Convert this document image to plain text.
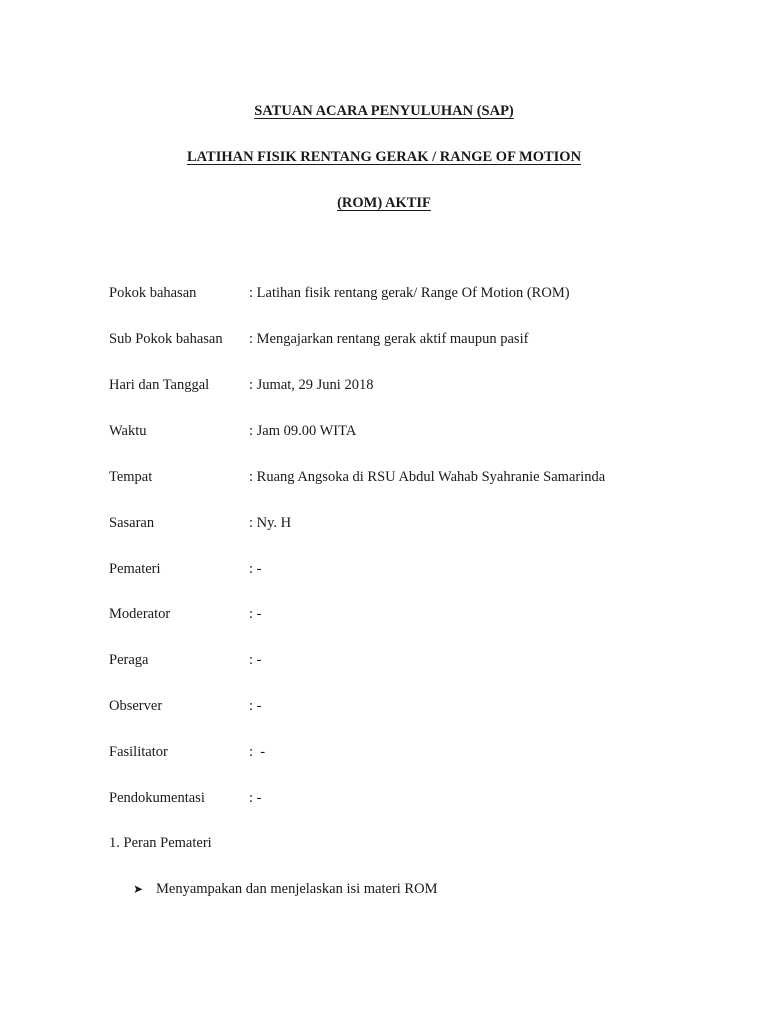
SATUAN ACARA PENYULUHAN (SAP)
LATIHAN FISIK RENTANG GERAK / RANGE OF MOTION
(ROM) AKTIF
Pokok bahasan	: Latihan fisik rentang gerak/ Range Of Motion (ROM)
Sub Pokok bahasan : Mengajarkan rentang gerak aktif maupun pasif
Hari dan Tanggal	: Jumat, 29 Juni 2018
Waktu	: Jam 09.00 WITA
Tempat	: Ruang Angsoka di RSU Abdul Wahab Syahranie Samarinda
Sasaran	: Ny. H
Pemateri	: -
Moderator	: -
Peraga	: -
Observer	: -
Fasilitator	:  -
Pendokumentasi	: -
1. Peran Pemateri
➤ Menyampakan dan menjelaskan isi materi ROM
